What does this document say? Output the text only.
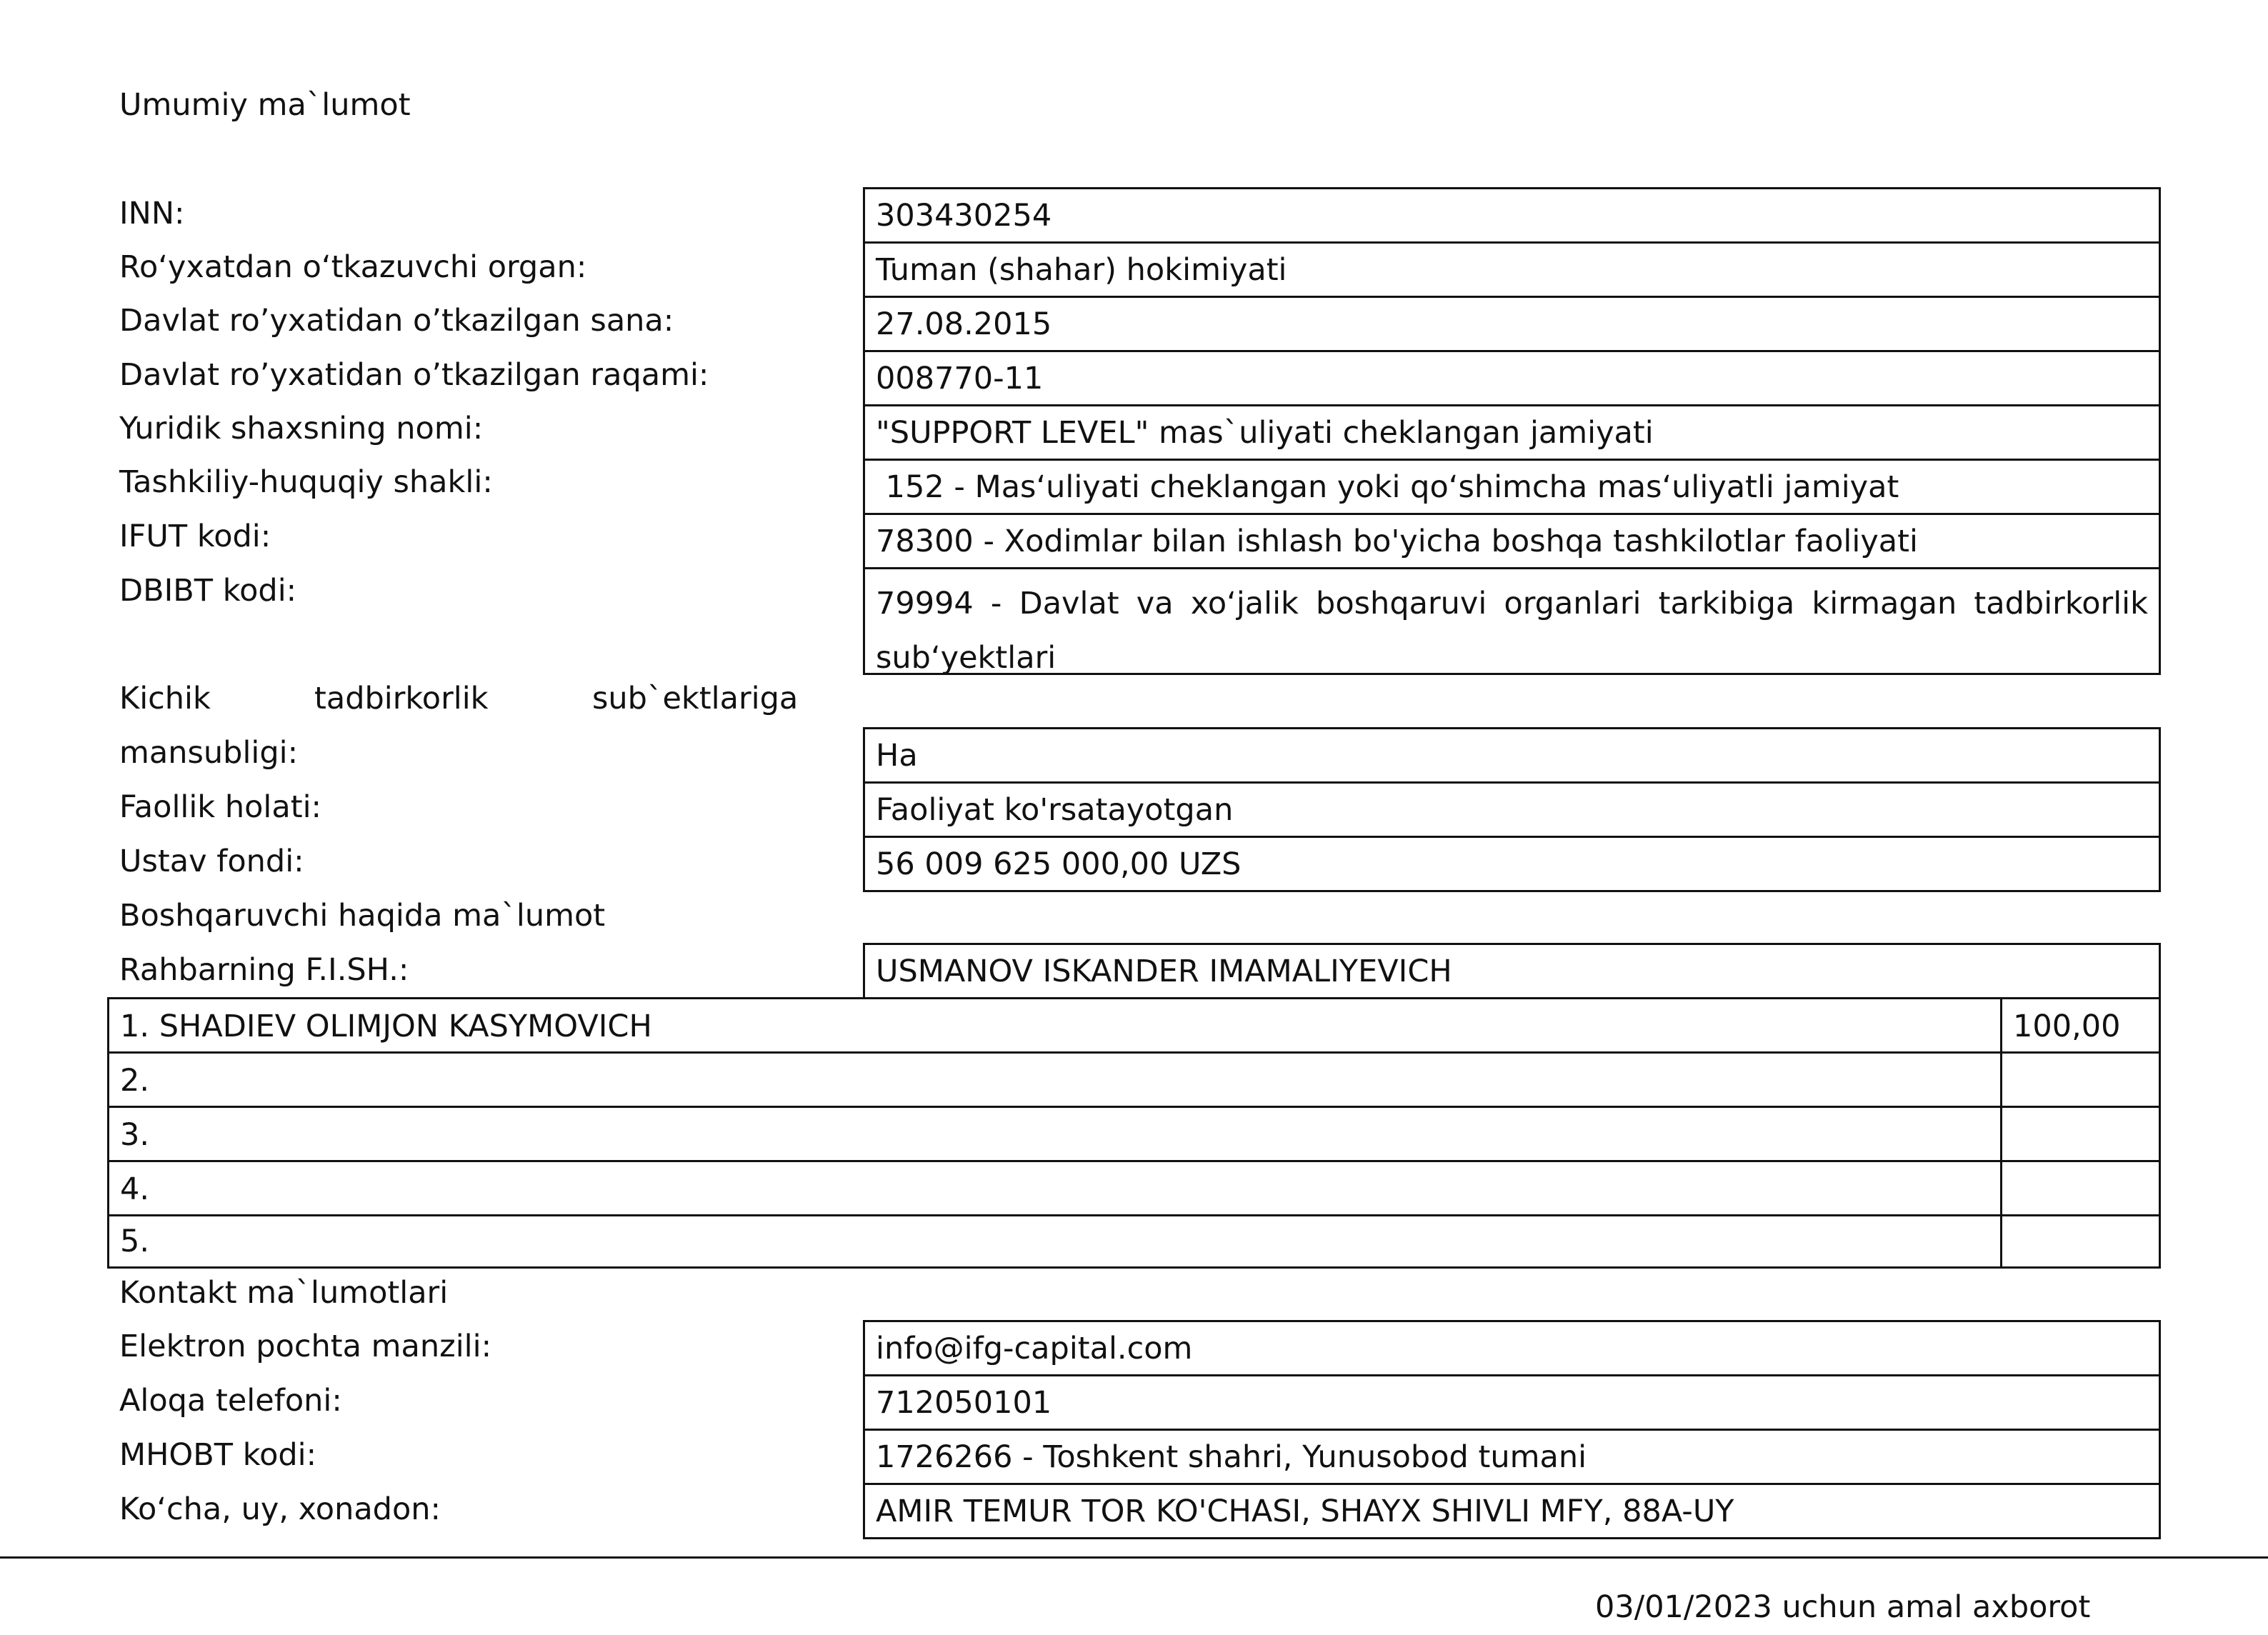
Umumiy ma`lumot
INN:	303430254
Ro‘yxatdan o‘tkazuvchi organ:	Tuman (shahar) hokimiyati
Davlat ro’yxatidan o’tkazilgan sana:	27.08.2015
Davlat ro’yxatidan o’tkazilgan raqami:	008770-11
Yuridik shaxsning nomi:	"SUPPORT LEVEL" mas`uliyati cheklangan jamiyati
Tashkiliy-huquqiy shakli:	152 - Mas‘uliyati cheklangan yoki qo‘shimcha mas‘uliyatli jamiyat
IFUT kodi:	78300 - Xodimlar bilan ishlash bo'yicha boshqa tashkilotlar faoliyati
DBIBT kodi:	79994 - Davlat va xo‘jalik boshqaruvi organlari tarkibiga kirmagan tadbirkorlik sub‘yektlari
Kichik	tadbirkorlik	sub`ektlariga
mansubligi:	Ha
Faollik holati:	Faoliyat ko'rsatayotgan
Ustav fondi:	56 009 625 000,00 UZS
Boshqaruvchi haqida ma`lumot
Rahbarning F.I.SH.:	USMANOV ISKANDER IMAMALIYEVICH
1. SHADIEV OLIMJON KASYMOVICH	100,00
2.
3.
4.
5.
Kontakt ma`lumotlari
Elektron pochta manzili:	info@ifg-capital.com
Aloqa telefoni:	712050101
MHOBT kodi:	1726266 - Toshkent shahri, Yunusobod tumani
Ko‘cha, uy, xonadon:	AMIR TEMUR TOR KO'CHASI, SHAYX SHIVLI MFY, 88A-UY
03/01/2023 uchun amal axborot
